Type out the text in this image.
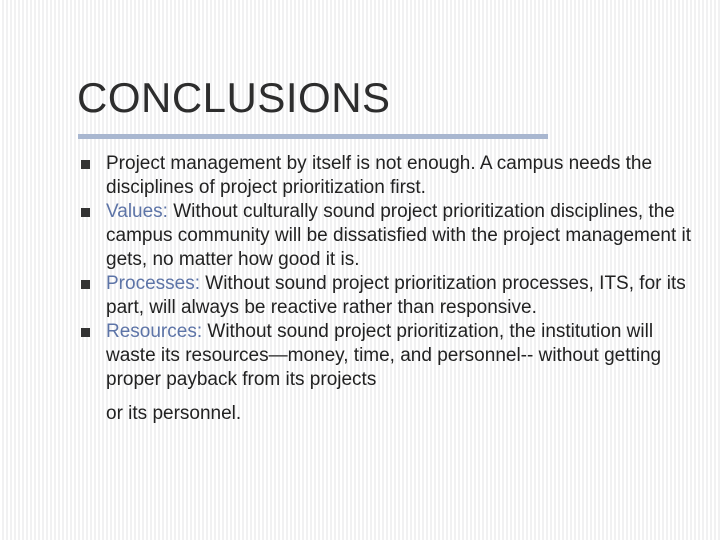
CONCLUSIONS
Project management by itself is not enough. A campus needs the disciplines of project prioritization first.
Values: Without culturally sound project prioritization disciplines, the campus community will be dissatisfied with the project management it gets, no matter how good it is.
Processes: Without sound project prioritization processes, ITS, for its part, will always be reactive rather than responsive.
Resources: Without sound project prioritization, the institution will waste its resources—money, time, and personnel-- without getting proper payback from its projects
or its personnel.
